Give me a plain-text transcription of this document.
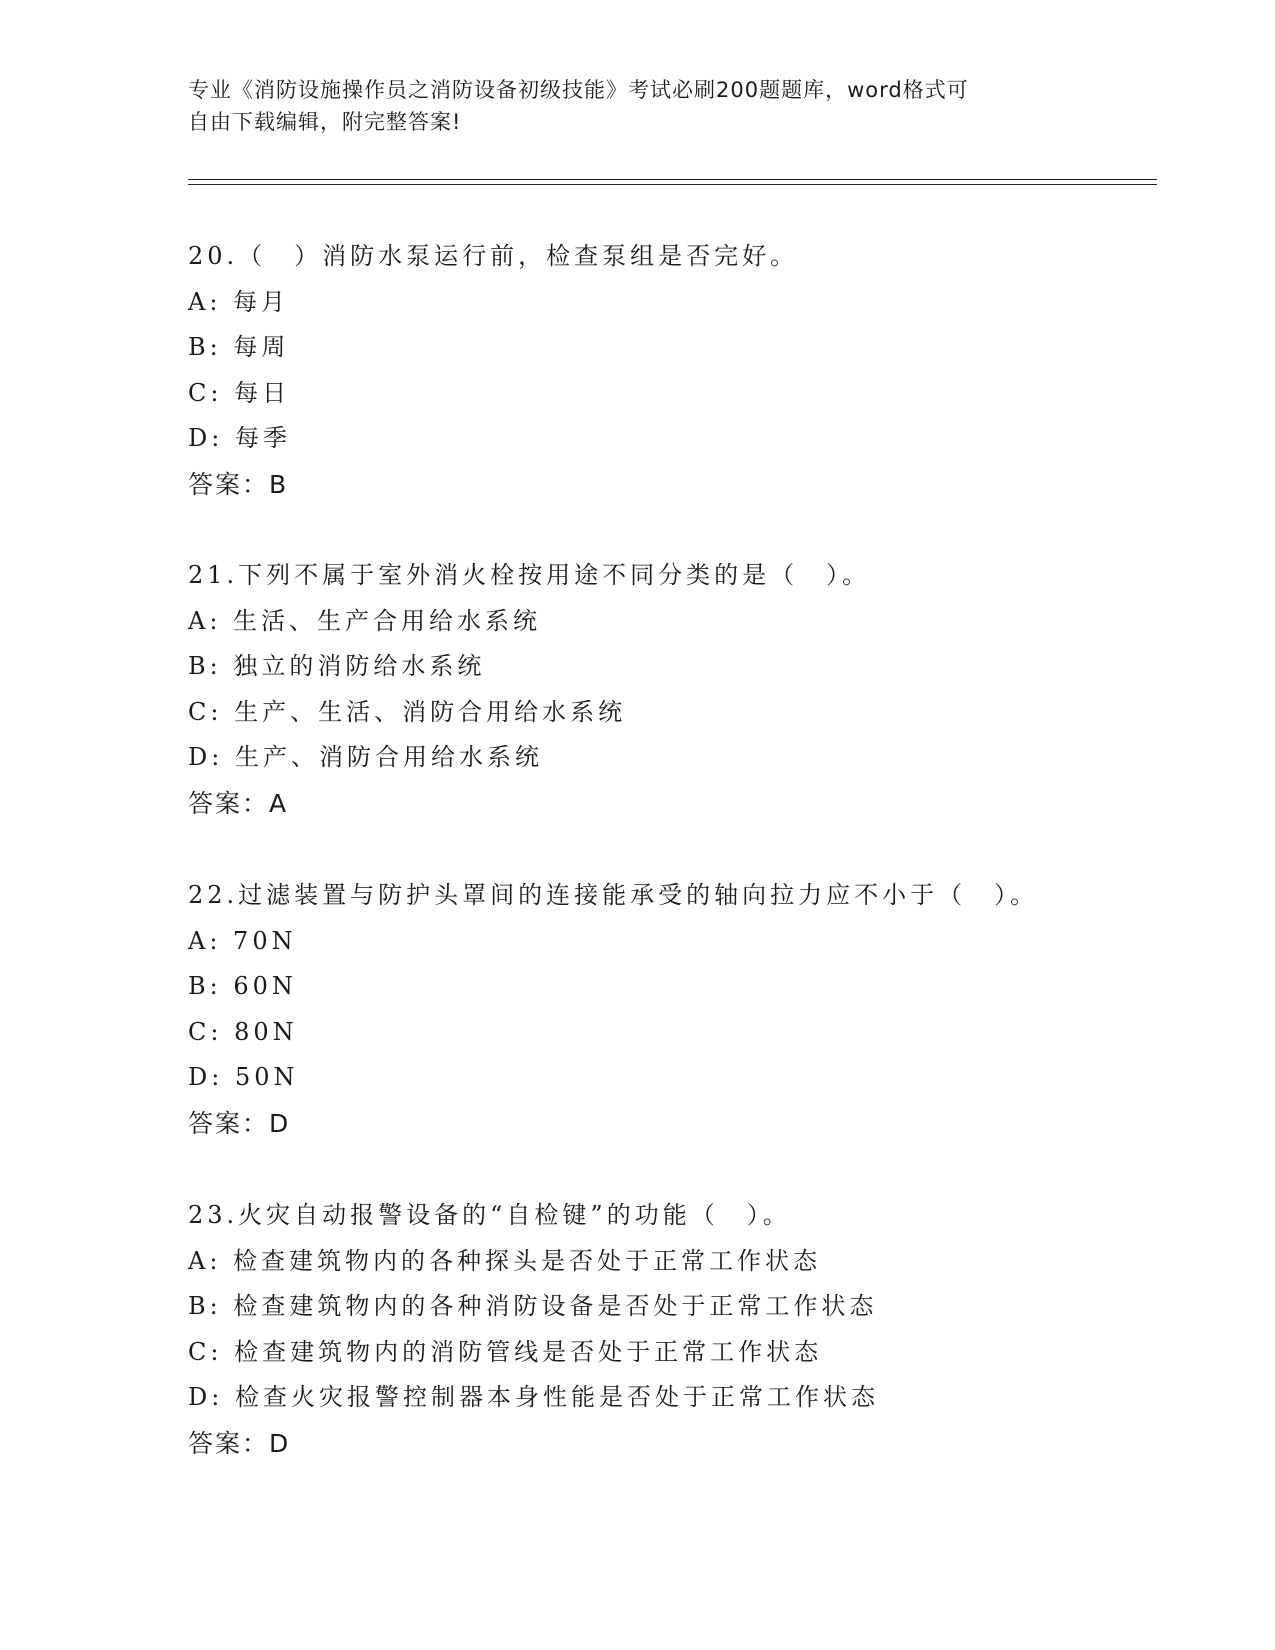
专业《消防设施操作员之消防设备初级技能》考试必刷200题题库，word格式可
自由下载编辑，附完整答案!
20.（　）消防水泵运行前，检查泵组是否完好。
A: 每月
B: 每周
C: 每日
D: 每季
答案：B
21.下列不属于室外消火栓按用途不同分类的是（　）。
A: 生活、生产合用给水系统
B: 独立的消防给水系统
C: 生产、生活、消防合用给水系统
D: 生产、消防合用给水系统
答案：A
22.过滤装置与防护头罩间的连接能承受的轴向拉力应不小于（　）。
A: 70N
B: 60N
C: 80N
D: 50N
答案：D
23.火灾自动报警设备的“自检键”的功能（　）。
A: 检查建筑物内的各种探头是否处于正常工作状态
B: 检查建筑物内的各种消防设备是否处于正常工作状态
C: 检查建筑物内的消防管线是否处于正常工作状态
D: 检查火灾报警控制器本身性能是否处于正常工作状态
答案：D
